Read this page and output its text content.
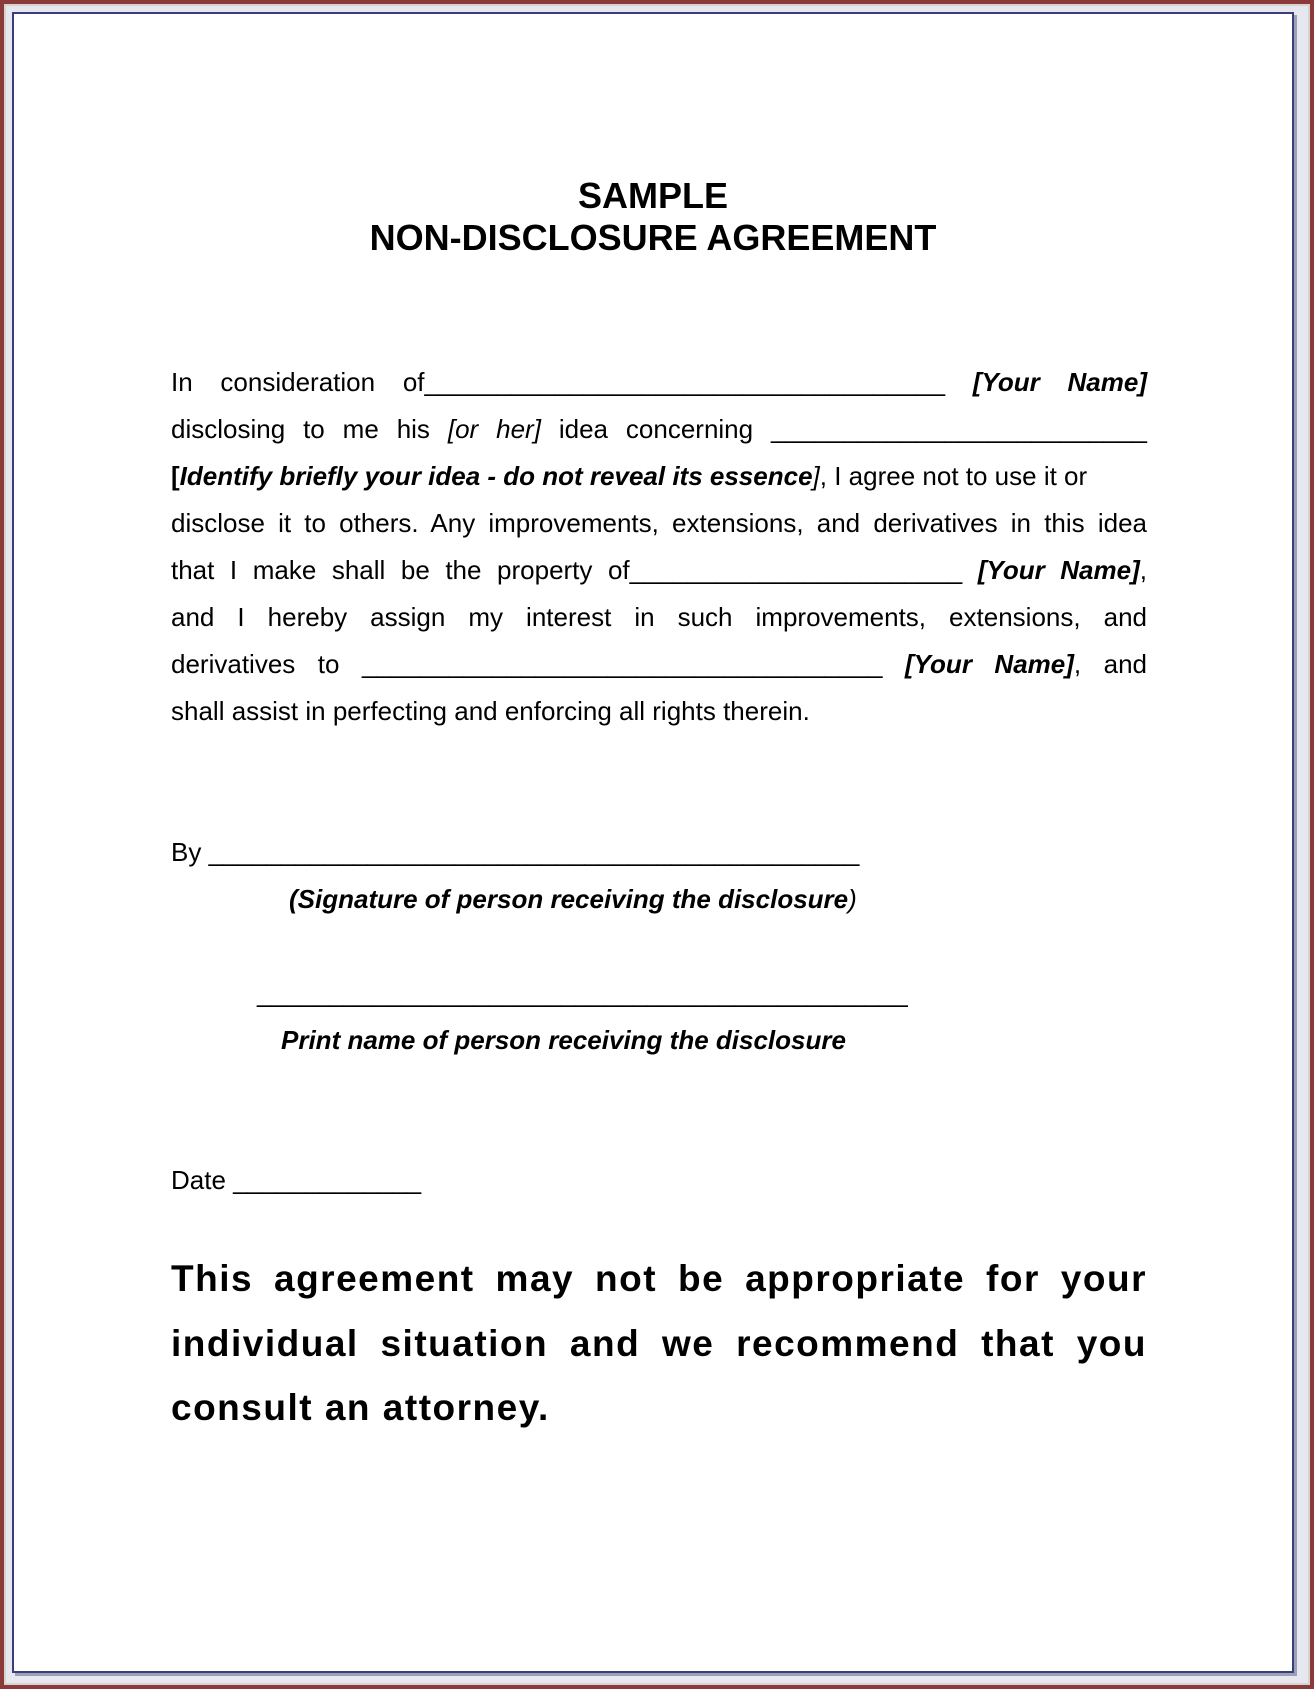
SAMPLE
NON-DISCLOSURE AGREEMENT
In consideration of____________________________________ [Your Name]
disclosing to me his [or her] idea concerning __________________________
[Identify briefly your idea - do not reveal its essence], I agree not to use it or
disclose it to others. Any improvements, extensions, and derivatives in this idea
that I make shall be the property of_______________________ [Your Name],
and I hereby assign my interest in such improvements, extensions, and
derivatives to ____________________________________ [Your Name], and
shall assist in perfecting and enforcing all rights therein.
By _____________________________________________
(Signature of person receiving the disclosure)
_____________________________________________
Print name of person receiving the disclosure
Date _____________
This agreement may not be appropriate for your
individual situation and we recommend that you
consult an attorney.
